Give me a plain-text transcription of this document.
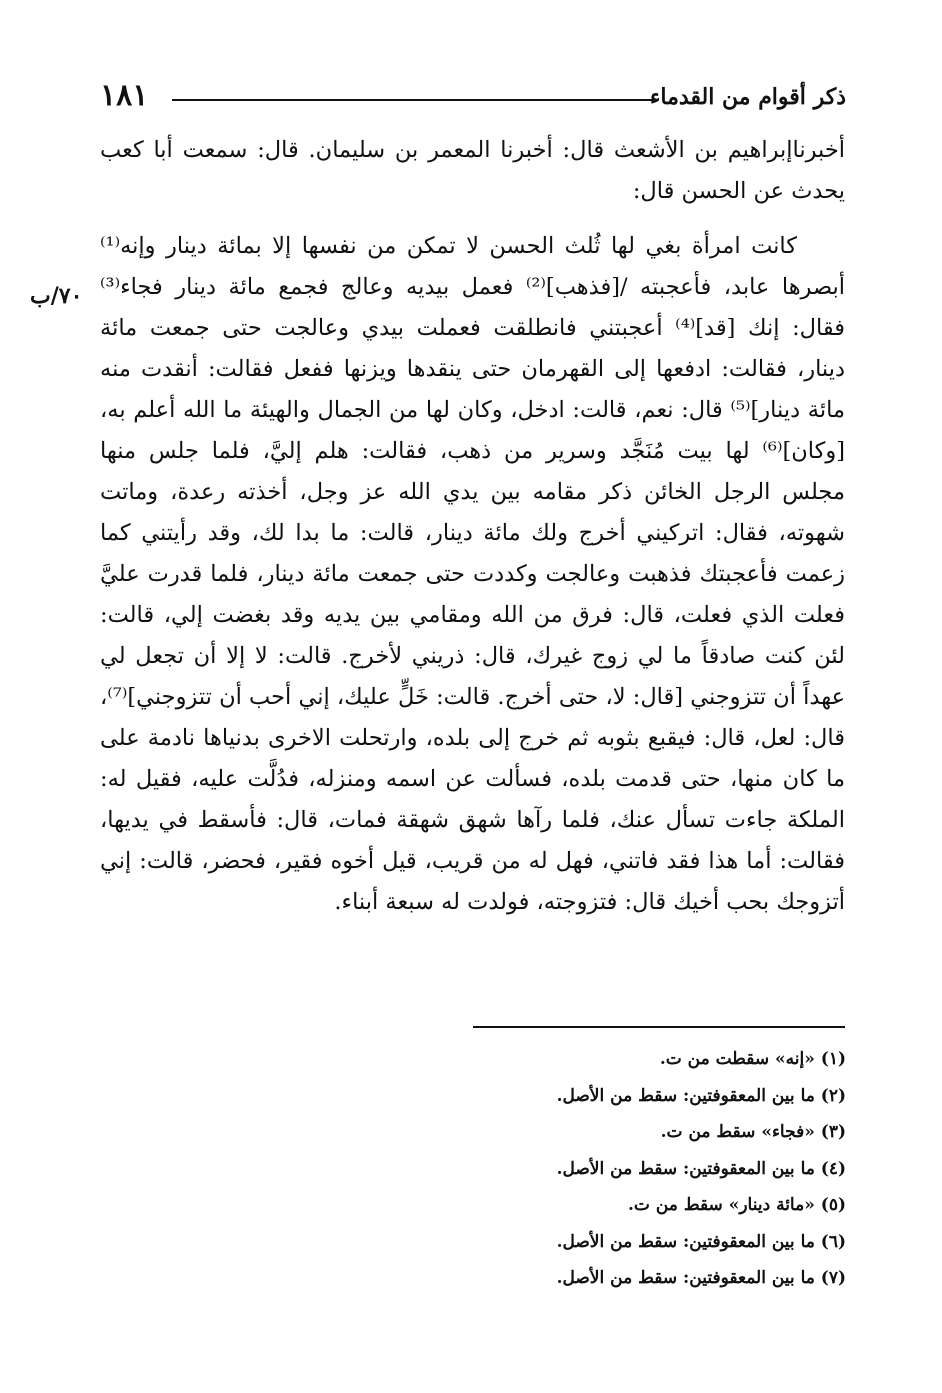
ذكر أقوام من القدماء
١٨١
٧٠/ب

أخبرناإبراهيم بن الأشعث قال: أخبرنا المعمر بن سليمان. قال: سمعت أبا كعب يحدث عن الحسن قال:

كانت امرأة بغي لها ثُلث الحسن لا تمكن من نفسها إلا بمائة دينار وإنه⁽¹⁾ أبصرها عابد، فأعجبته /[فذهب]⁽²⁾ فعمل بيديه وعالج فجمع مائة دينار فجاء⁽³⁾ فقال: إنك [قد]⁽⁴⁾ أعجبتني فانطلقت فعملت بيدي وعالجت حتى جمعت مائة دينار، فقالت: ادفعها إلى القهرمان حتى ينقدها ويزنها ففعل فقالت: أنقدت منه مائة دينار]⁽⁵⁾ قال: نعم، قالت: ادخل، وكان لها من الجمال والهيئة ما الله أعلم به، [وكان]⁽⁶⁾ لها بيت مُنَجَّد وسرير من ذهب، فقالت: هلم إليَّ، فلما جلس منها مجلس الرجل الخائن ذكر مقامه بين يدي الله عز وجل، أخذته رعدة، وماتت شهوته، فقال: اتركيني أخرج ولك مائة دينار، قالت: ما بدا لك، وقد رأيتني كما زعمت فأعجبتك فذهبت وعالجت وكددت حتى جمعت مائة دينار، فلما قدرت عليَّ فعلت الذي فعلت، قال: فرق من الله ومقامي بين يديه وقد بغضت إلي، قالت: لئن كنت صادقاً ما لي زوج غيرك، قال: ذريني لأخرج. قالت: لا إلا أن تجعل لي عهداً أن تتزوجني [قال: لا، حتى أخرج. قالت: خَلٍّ عليك، إني أحب أن تتزوجني]⁽⁷⁾، قال: لعل، قال: فيقبع بثوبه ثم خرج إلى بلده، وارتحلت الاخرى بدنياها نادمة على ما كان منها، حتى قدمت بلده، فسألت عن اسمه ومنزله، فدُلَّت عليه، فقيل له: الملكة جاءت تسأل عنك، فلما رآها شهق شهقة فمات، قال: فأسقط في يديها، فقالت: أما هذا فقد فاتني، فهل له من قريب، قيل أخوه فقير، فحضر، قالت: إني أتزوجك بحب أخيك قال: فتزوجته، فولدت له سبعة أبناء.

(١) «إنه» سقطت من ت.
(٢) ما بين المعقوفتين: سقط من الأصل.
(٣) «فجاء» سقط من ت.
(٤) ما بين المعقوفتين: سقط من الأصل.
(٥) «مائة دينار» سقط من ت.
(٦) ما بين المعقوفتين: سقط من الأصل.
(٧) ما بين المعقوفتين: سقط من الأصل.
